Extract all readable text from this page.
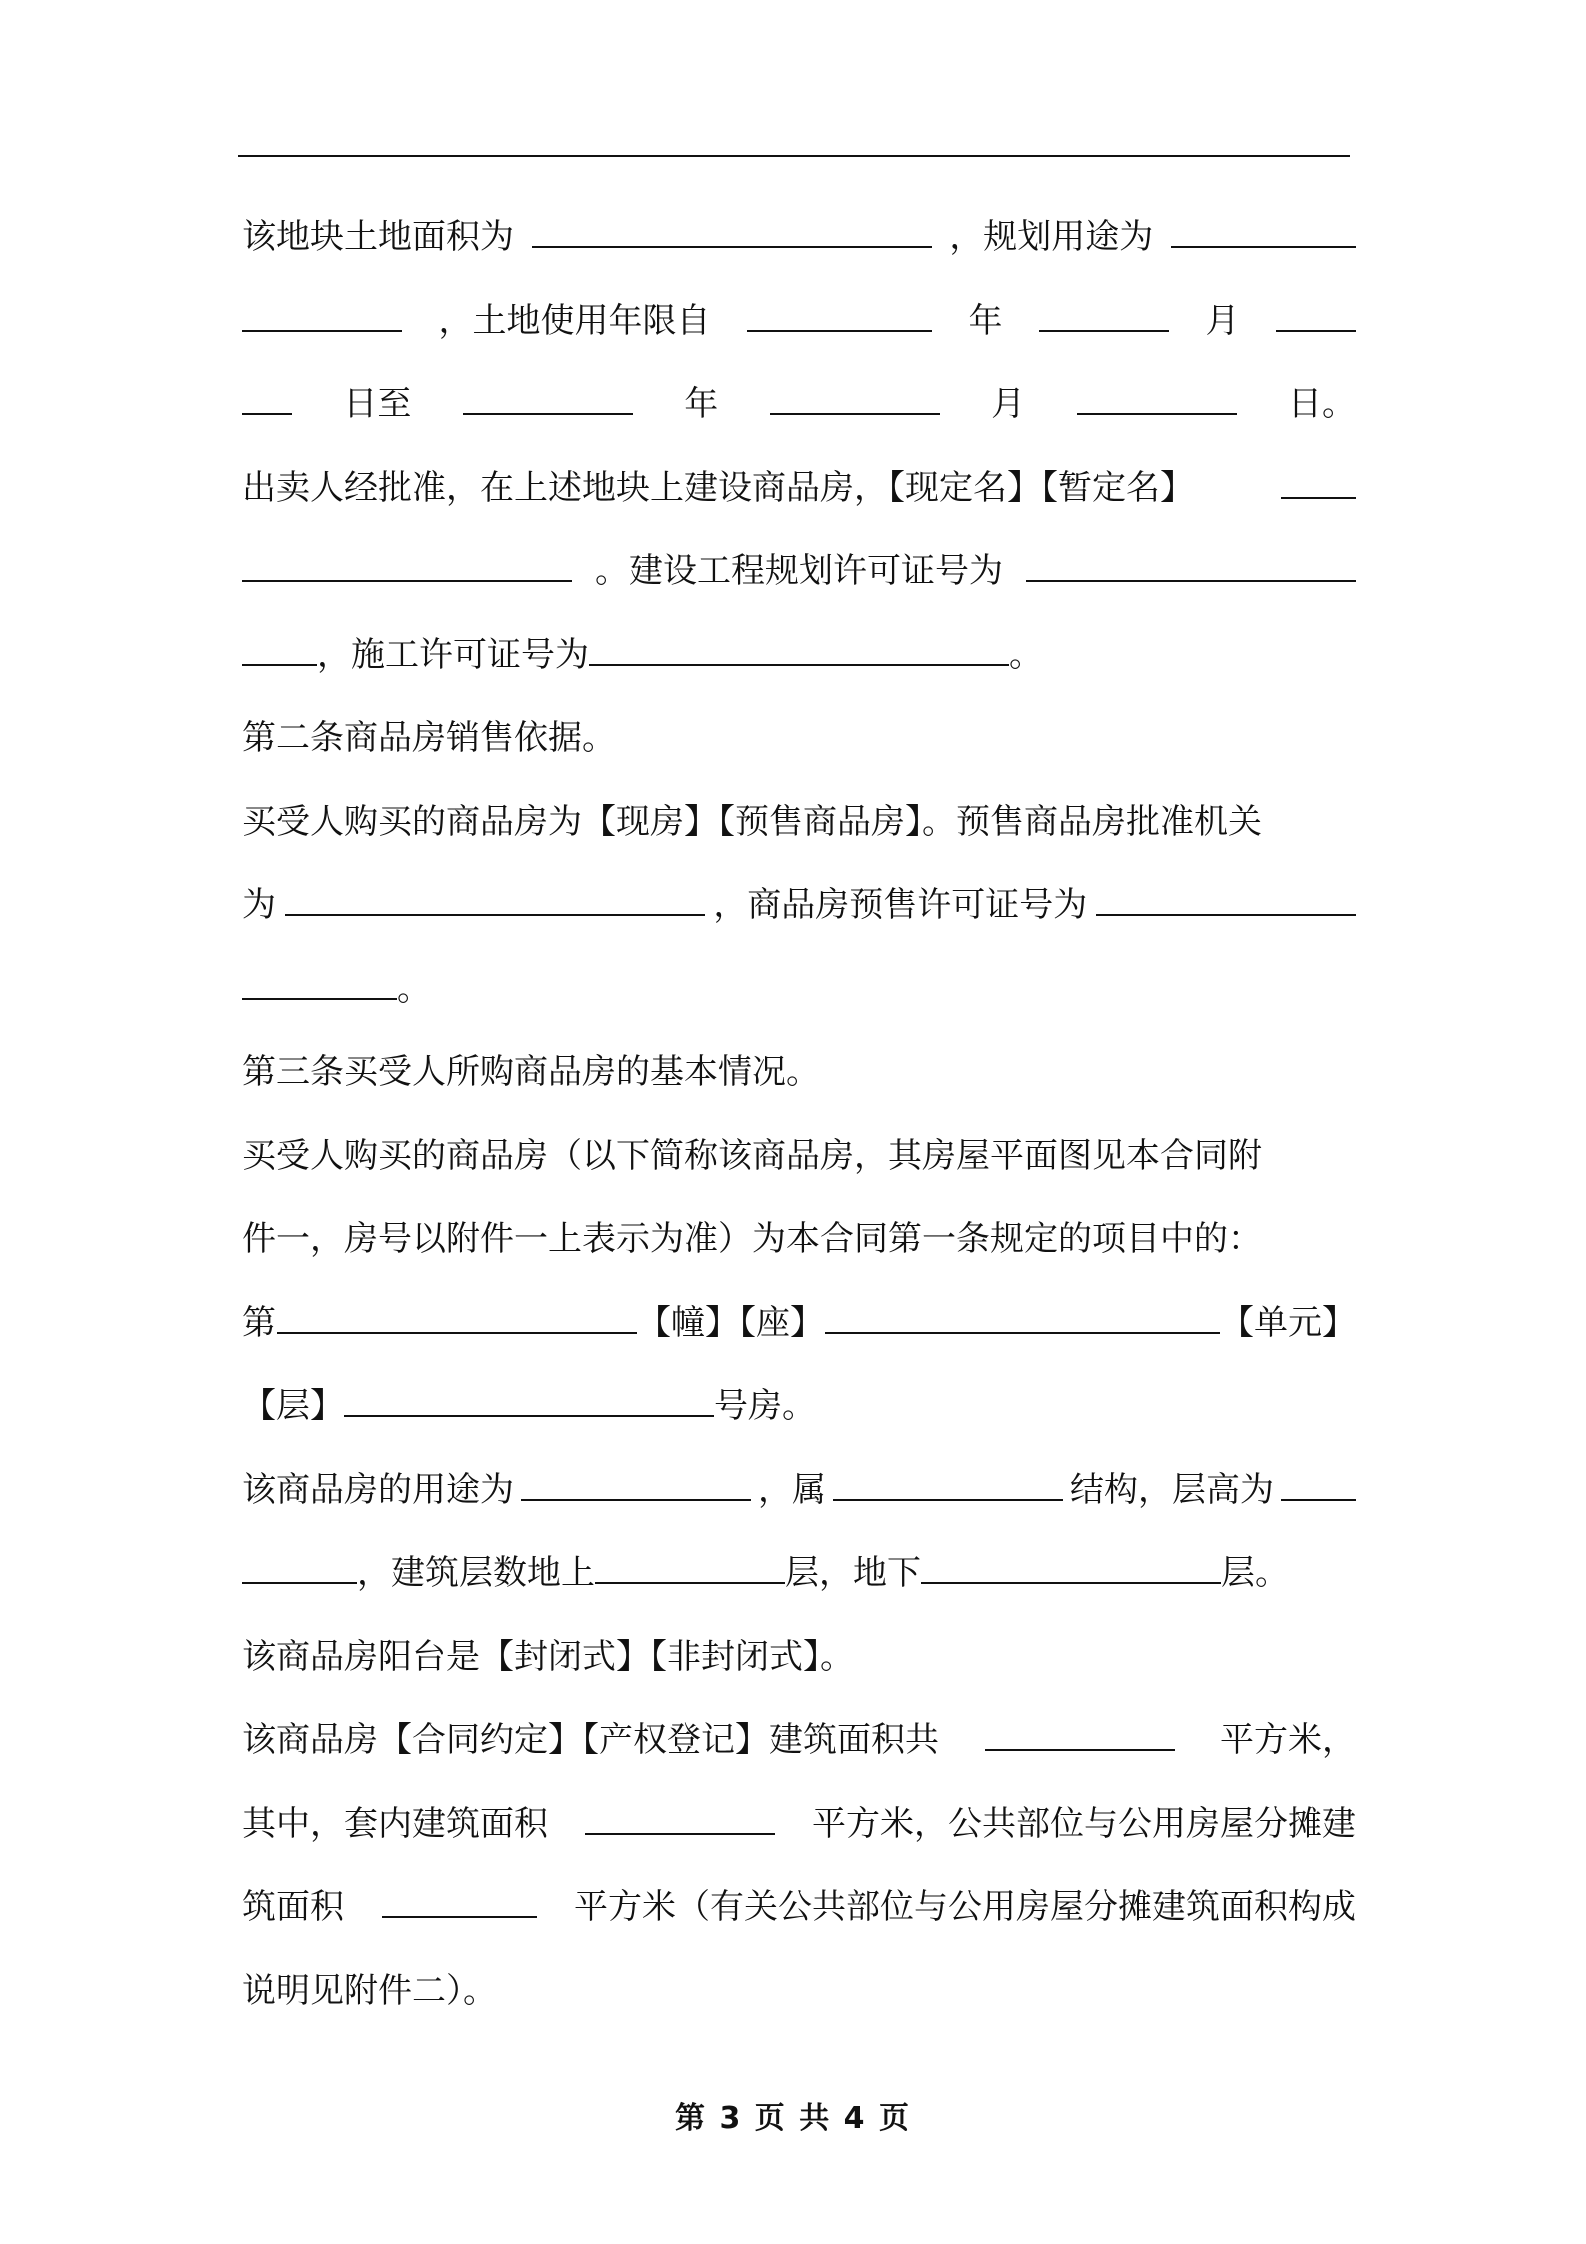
该地块土地面积为	，规划用途为
，土地使用年限自	年	月
日至	年	月	日。
出卖人经批准，在上述地块上建设商品房，【现定名】【暂定名】
。建设工程规划许可证号为
，施工许可证号为	。
第二条商品房销售依据。
买受人购买的商品房为【现房】【预售商品房】。预售商品房批准机关
为	，商品房预售许可证号为
。
第三条买受人所购商品房的基本情况。
买受人购买的商品房（以下简称该商品房，其房屋平面图见本合同附
件一，房号以附件一上表示为准）为本合同第一条规定的项目中的：
第	【幢】【座】	【单元】
【层】	号房。
该商品房的用途为	，属	结构，层高为
，建筑层数地上	层，地下	层。
该商品房阳台是【封闭式】【非封闭式】。
该商品房【合同约定】【产权登记】建筑面积共	平方米，
其中，套内建筑面积	平方米，公共部位与公用房屋分摊建
筑面积	平方米（有关公共部位与公用房屋分摊建筑面积构成
说明见附件二）。
第 3 页 共 4 页
